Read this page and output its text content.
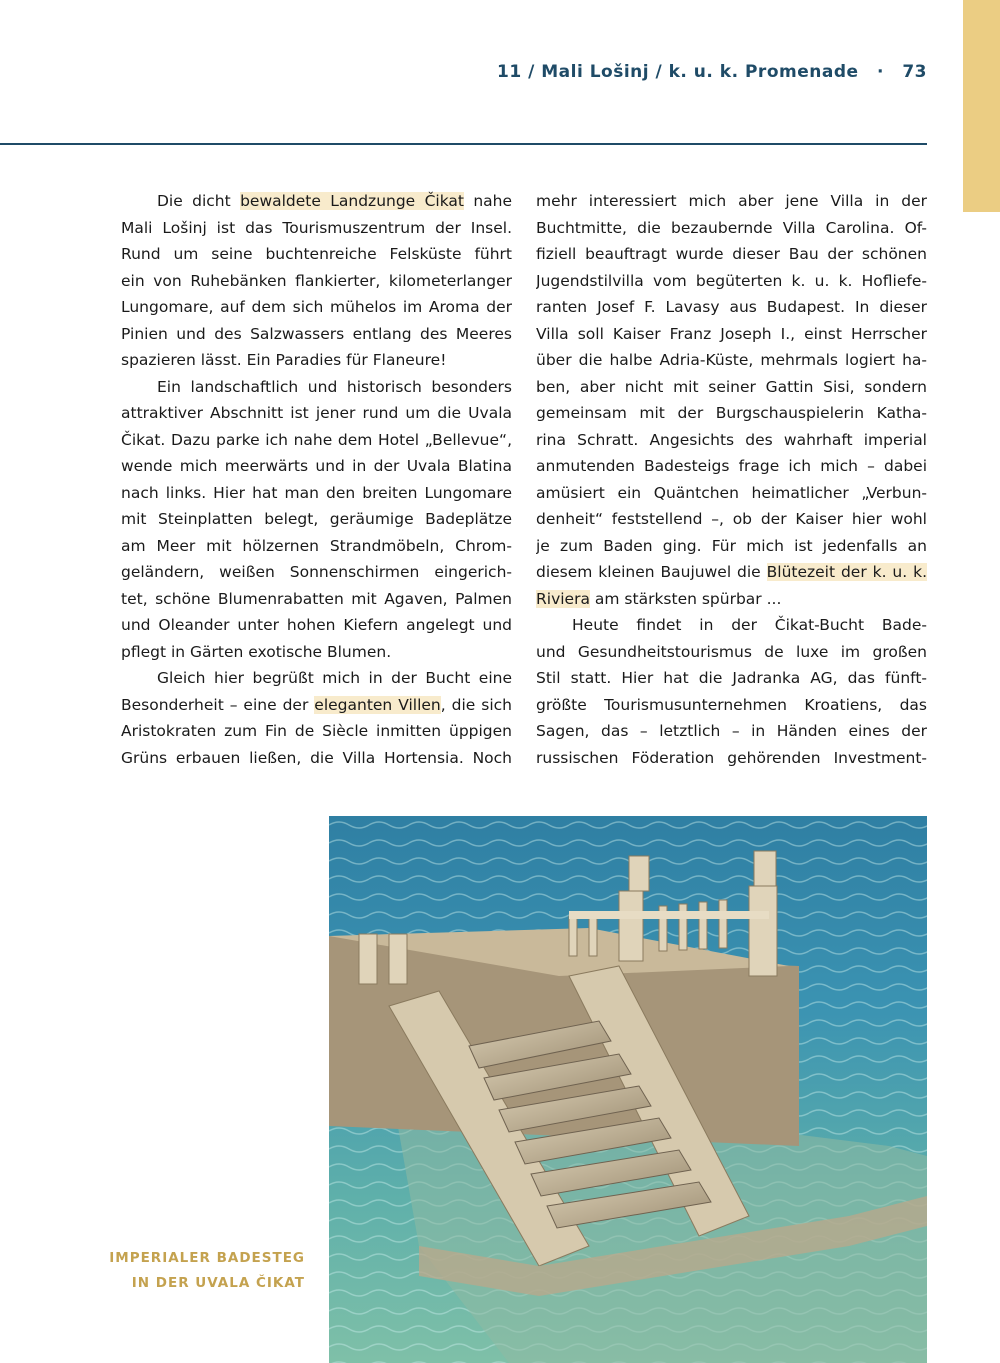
11 / Mali Lošinj / k. u. k. Promenade · 73
Die dicht bewaldete Landzunge Čikat nahe
Mali Lošinj ist das Tourismuszentrum der Insel.
Rund um seine buchtenreiche Felsküste führt
ein von Ruhebänken flankierter, kilometerlanger
Lungomare, auf dem sich mühelos im Aroma der
Pinien und des Salzwassers entlang des Meeres
spazieren lässt. Ein Paradies für Flaneure!
Ein landschaftlich und historisch besonders
attraktiver Abschnitt ist jener rund um die Uvala
Čikat. Dazu parke ich nahe dem Hotel „Bellevue“,
wende mich meerwärts und in der Uvala Blatina
nach links. Hier hat man den breiten Lungomare
mit Steinplatten belegt, geräumige Badeplätze
am Meer mit hölzernen Strandmöbeln, Chrom-
geländern, weißen Sonnenschirmen eingerich-
tet, schöne Blumenrabatten mit Agaven, Palmen
und Oleander unter hohen Kiefern angelegt und
pflegt in Gärten exotische Blumen.
Gleich hier begrüßt mich in der Bucht eine
Besonderheit – eine der eleganten Villen, die sich
Aristokraten zum Fin de Siècle inmitten üppigen
Grüns erbauen ließen, die Villa Hortensia. Noch
mehr interessiert mich aber jene Villa in der
Buchtmitte, die bezaubernde Villa Carolina. Of-
fiziell beauftragt wurde dieser Bau der schönen
Jugendstilvilla vom begüterten k. u. k. Hofliefe-
ranten Josef F. Lavasy aus Budapest. In dieser
Villa soll Kaiser Franz Joseph I., einst Herrscher
über die halbe Adria-Küste, mehrmals logiert ha-
ben, aber nicht mit seiner Gattin Sisi, sondern
gemeinsam mit der Burgschauspielerin Katha-
rina Schratt. Angesichts des wahrhaft imperial
anmutenden Badesteigs frage ich mich – dabei
amüsiert ein Quäntchen heimatlicher „Verbun-
denheit“ feststellend –, ob der Kaiser hier wohl
je zum Baden ging. Für mich ist jedenfalls an
diesem kleinen Baujuwel die Blütezeit der k. u. k.
Riviera am stärksten spürbar ...
Heute findet in der Čikat-Bucht Bade-
und Gesundheitstourismus de luxe im großen
Stil statt. Hier hat die Jadranka AG, das fünft-
größte Tourismusunternehmen Kroatiens, das
Sagen, das – letztlich – in Händen eines der
russischen Föderation gehörenden Investment-
IMPERIALER BADESTEG
IN DER UVALA ČIKAT
